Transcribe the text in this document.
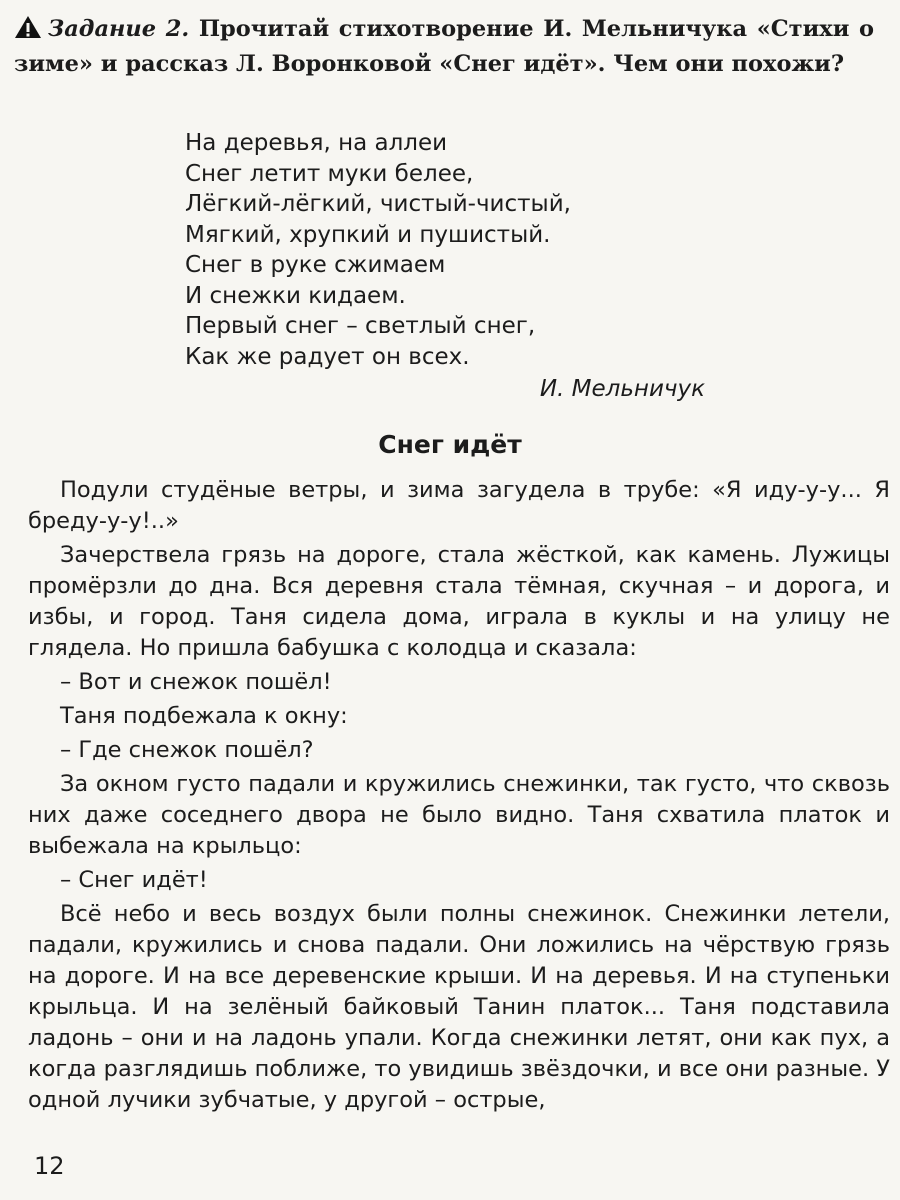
Задание 2. Прочитай стихотворение И. Мельничука «Стихи о зиме» и рассказ Л. Воронковой «Снег идёт». Чем они похожи?
На деревья, на аллеи
Снег летит муки белее,
Лёгкий-лёгкий, чистый-чистый,
Мягкий, хрупкий и пушистый.
Снег в руке сжимаем
И снежки кидаем.
Первый снег – светлый снег,
Как же радует он всех.
И. Мельничук
Снег идёт

Подули студёные ветры, и зима загудела в трубе: «Я иду-у-у... Я бреду-у-у!..»

Зачерствела грязь на дороге, стала жёсткой, как камень. Лужицы промёрзли до дна. Вся деревня стала тёмная, скучная – и дорога, и избы, и город. Таня сидела дома, играла в куклы и на улицу не глядела. Но пришла бабушка с колодца и сказала:

– Вот и снежок пошёл!

Таня подбежала к окну:

– Где снежок пошёл?

За окном густо падали и кружились снежинки, так густо, что сквозь них даже соседнего двора не было видно. Таня схватила платок и выбежала на крыльцо:

– Снег идёт!

Всё небо и весь воздух были полны снежинок. Снежинки летели, падали, кружились и снова падали. Они ложились на чёрствую грязь на дороге. И на все деревенские крыши. И на деревья. И на ступеньки крыльца. И на зелёный байковый Танин платок... Таня подставила ладонь – они и на ладонь упали. Когда снежинки летят, они как пух, а когда разглядишь поближе, то увидишь звёздочки, и все они разные. У одной лучики зубчатые, у другой – острые,

12
